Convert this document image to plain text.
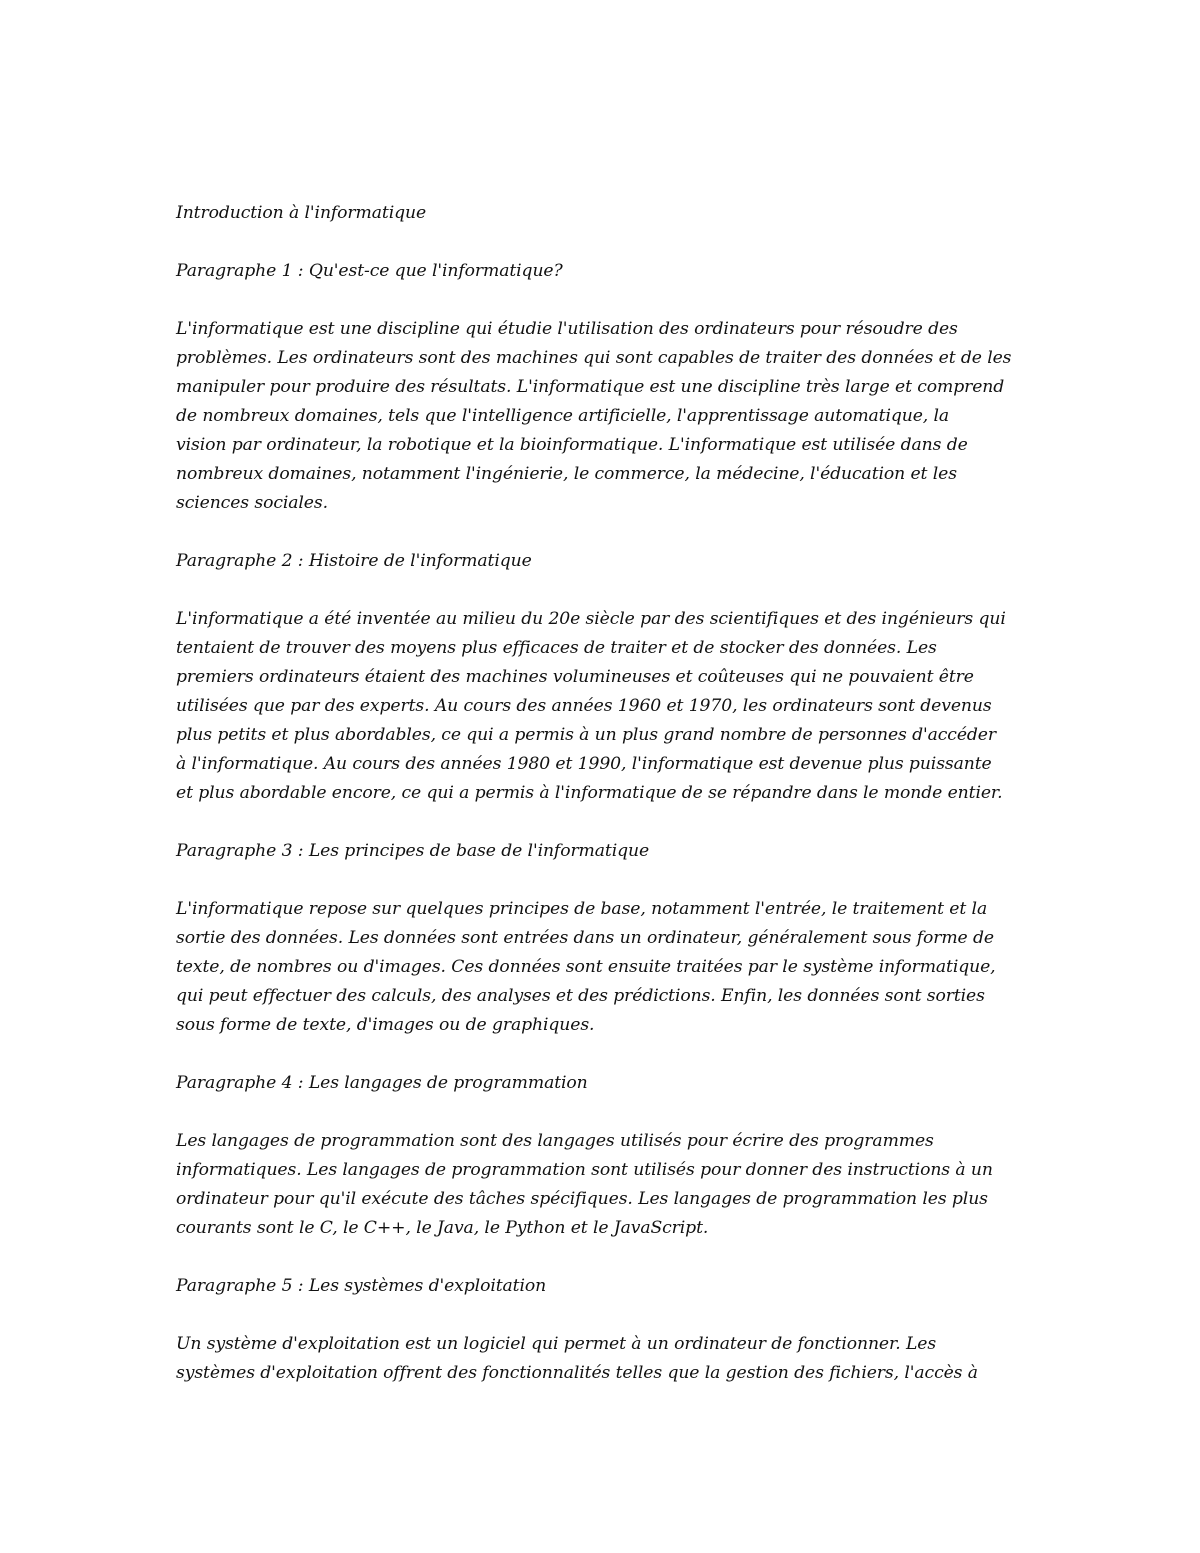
Introduction à l'informatique

Paragraphe 1 : Qu'est-ce que l'informatique?

L'informatique est une discipline qui étudie l'utilisation des ordinateurs pour résoudre des
problèmes. Les ordinateurs sont des machines qui sont capables de traiter des données et de les
manipuler pour produire des résultats. L'informatique est une discipline très large et comprend
de nombreux domaines, tels que l'intelligence artificielle, l'apprentissage automatique, la
vision par ordinateur, la robotique et la bioinformatique. L'informatique est utilisée dans de
nombreux domaines, notamment l'ingénierie, le commerce, la médecine, l'éducation et les
sciences sociales.

Paragraphe 2 : Histoire de l'informatique

L'informatique a été inventée au milieu du 20e siècle par des scientifiques et des ingénieurs qui
tentaient de trouver des moyens plus efficaces de traiter et de stocker des données. Les
premiers ordinateurs étaient des machines volumineuses et coûteuses qui ne pouvaient être
utilisées que par des experts. Au cours des années 1960 et 1970, les ordinateurs sont devenus
plus petits et plus abordables, ce qui a permis à un plus grand nombre de personnes d'accéder
à l'informatique. Au cours des années 1980 et 1990, l'informatique est devenue plus puissante
et plus abordable encore, ce qui a permis à l'informatique de se répandre dans le monde entier.

Paragraphe 3 : Les principes de base de l'informatique

L'informatique repose sur quelques principes de base, notamment l'entrée, le traitement et la
sortie des données. Les données sont entrées dans un ordinateur, généralement sous forme de
texte, de nombres ou d'images. Ces données sont ensuite traitées par le système informatique,
qui peut effectuer des calculs, des analyses et des prédictions. Enfin, les données sont sorties
sous forme de texte, d'images ou de graphiques.

Paragraphe 4 : Les langages de programmation

Les langages de programmation sont des langages utilisés pour écrire des programmes
informatiques. Les langages de programmation sont utilisés pour donner des instructions à un
ordinateur pour qu'il exécute des tâches spécifiques. Les langages de programmation les plus
courants sont le C, le C++, le Java, le Python et le JavaScript.

Paragraphe 5 : Les systèmes d'exploitation

Un système d'exploitation est un logiciel qui permet à un ordinateur de fonctionner. Les
systèmes d'exploitation offrent des fonctionnalités telles que la gestion des fichiers, l'accès à
